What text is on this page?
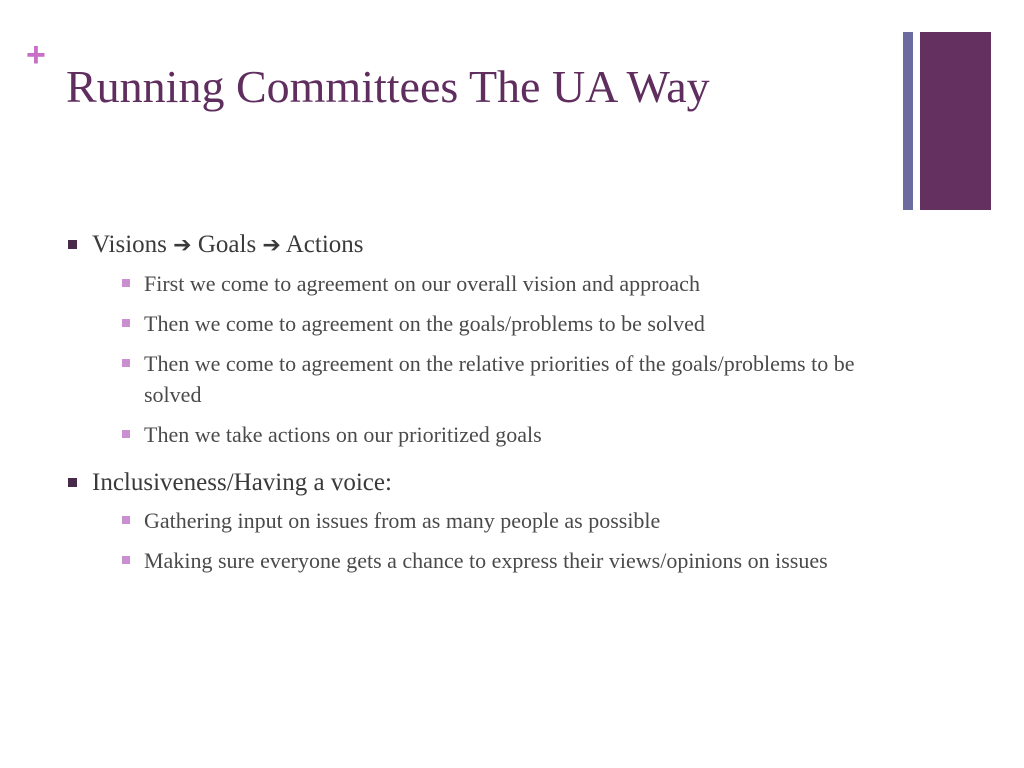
+
Running Committees The UA Way
Visions ➔ Goals ➔ Actions
First we come to agreement on our overall vision and approach
Then we come to agreement on the goals/problems to be solved
Then we come to agreement on the relative priorities of the goals/problems to be solved
Then we take actions on our prioritized goals
Inclusiveness/Having a voice:
Gathering input on issues from as many people as possible
Making sure everyone gets a chance to express their views/opinions on issues
